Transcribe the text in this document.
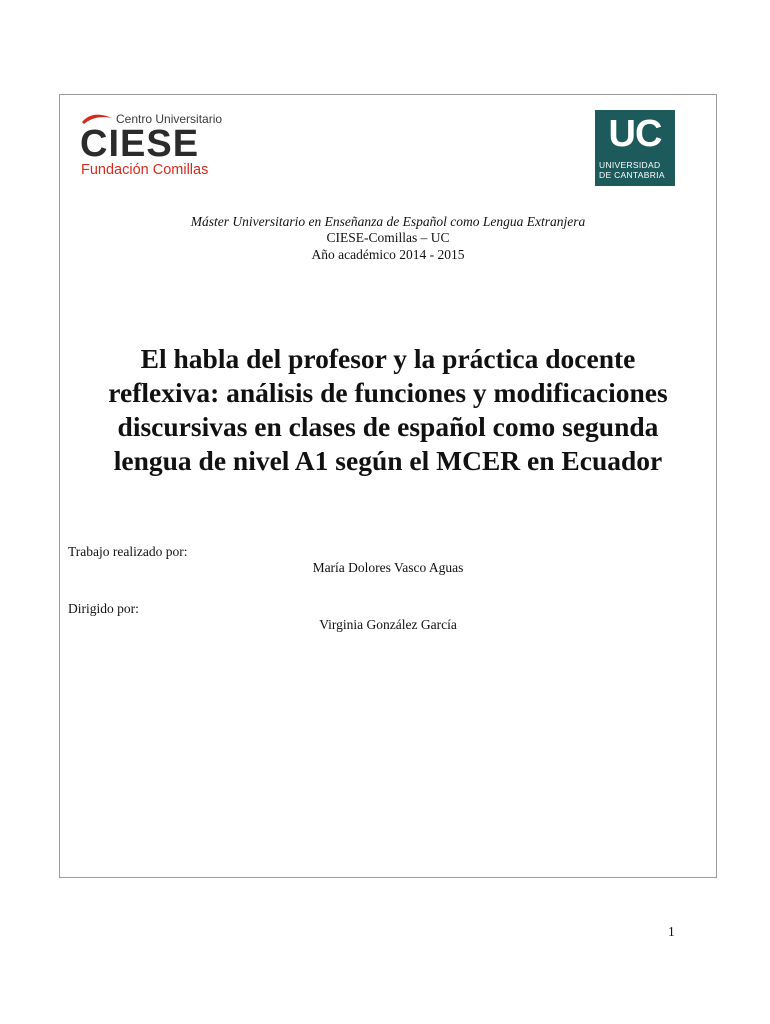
Centro Universitario
CIESE
Fundación Comillas
UC
UNIVERSIDAD
DE CANTABRIA
Máster Universitario en Enseñanza de Español como Lengua Extranjera
CIESE-Comillas – UC
Año académico 2014 - 2015
El habla del profesor y la práctica docente
reflexiva: análisis de funciones y modificaciones
discursivas en clases de español como segunda
lengua de nivel A1 según el MCER en Ecuador
Trabajo realizado por:
María Dolores Vasco Aguas
Dirigido por:
Virginia González García
1
